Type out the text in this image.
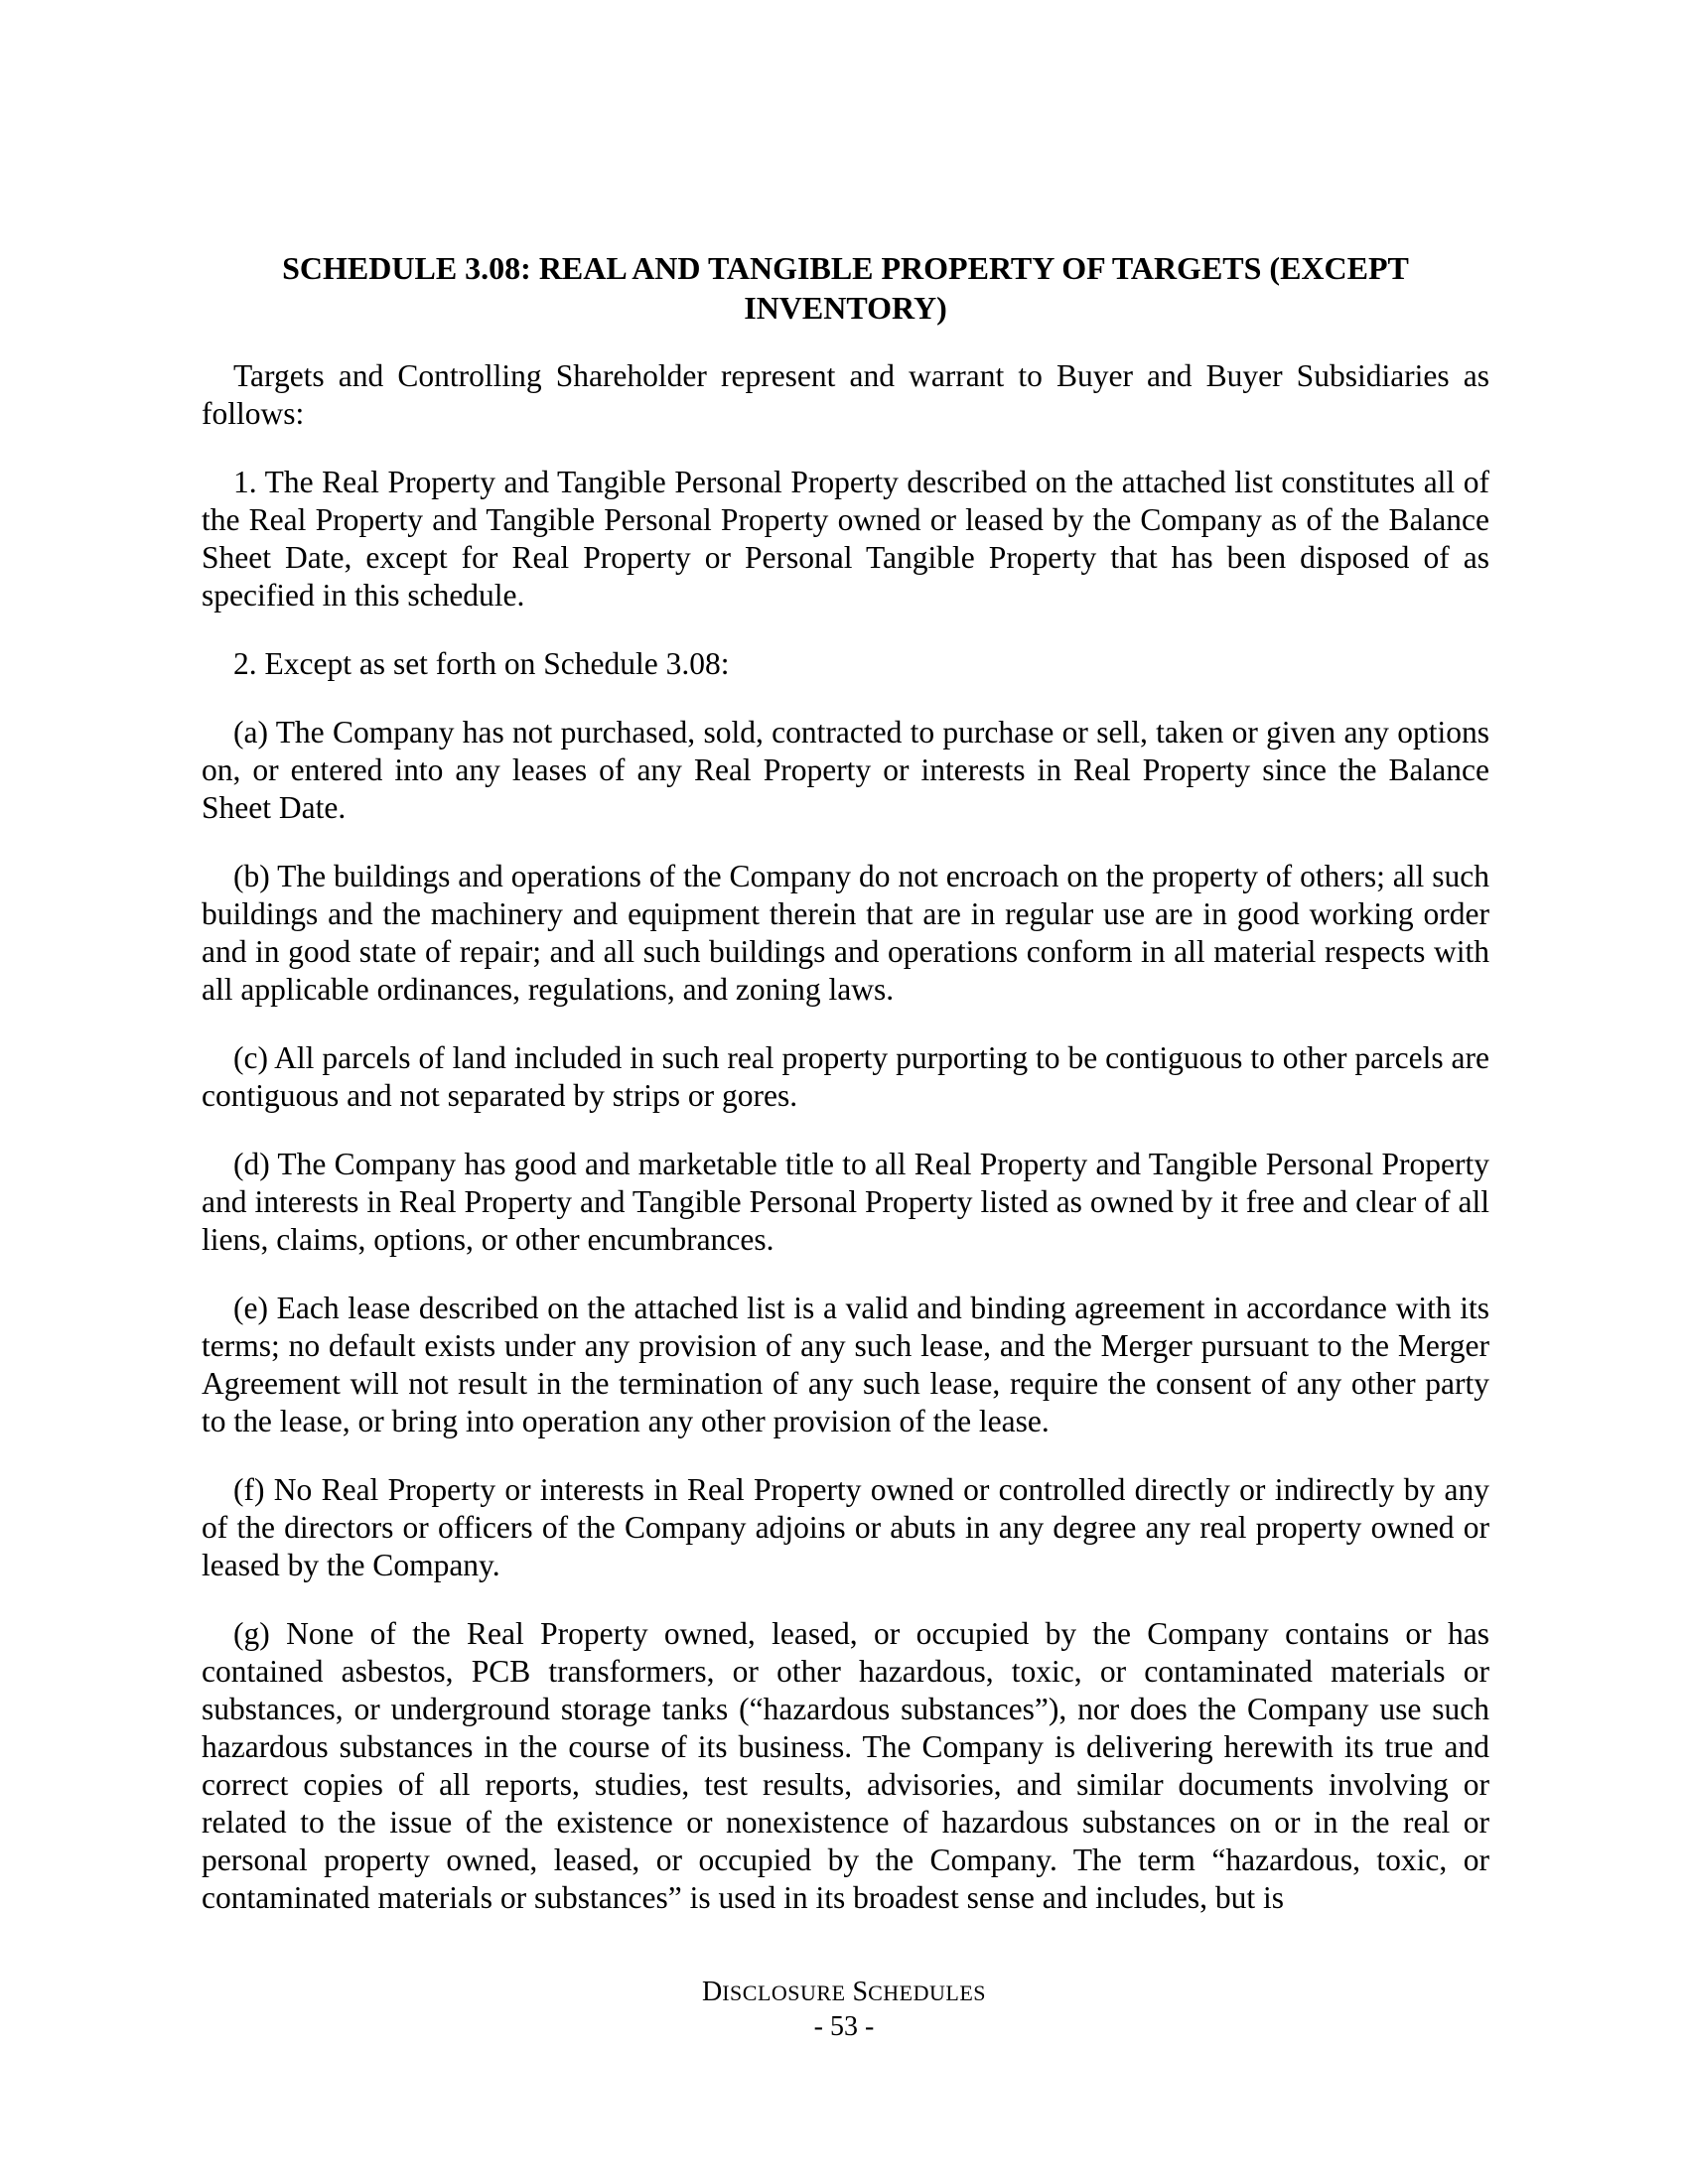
SCHEDULE 3.08: REAL AND TANGIBLE PROPERTY OF TARGETS (EXCEPT INVENTORY)

Targets and Controlling Shareholder represent and warrant to Buyer and Buyer Subsidiaries as follows:

1. The Real Property and Tangible Personal Property described on the attached list constitutes all of the Real Property and Tangible Personal Property owned or leased by the Company as of the Balance Sheet Date, except for Real Property or Personal Tangible Property that has been disposed of as specified in this schedule.

2. Except as set forth on Schedule 3.08:

(a) The Company has not purchased, sold, contracted to purchase or sell, taken or given any options on, or entered into any leases of any Real Property or interests in Real Property since the Balance Sheet Date.

(b) The buildings and operations of the Company do not encroach on the property of others; all such buildings and the machinery and equipment therein that are in regular use are in good working order and in good state of repair; and all such buildings and operations conform in all material respects with all applicable ordinances, regulations, and zoning laws.

(c) All parcels of land included in such real property purporting to be contiguous to other parcels are contiguous and not separated by strips or gores.

(d) The Company has good and marketable title to all Real Property and Tangible Personal Property and interests in Real Property and Tangible Personal Property listed as owned by it free and clear of all liens, claims, options, or other encumbrances.

(e) Each lease described on the attached list is a valid and binding agreement in accordance with its terms; no default exists under any provision of any such lease, and the Merger pursuant to the Merger Agreement will not result in the termination of any such lease, require the consent of any other party to the lease, or bring into operation any other provision of the lease.

(f) No Real Property or interests in Real Property owned or controlled directly or indirectly by any of the directors or officers of the Company adjoins or abuts in any degree any real property owned or leased by the Company.

(g) None of the Real Property owned, leased, or occupied by the Company contains or has contained asbestos, PCB transformers, or other hazardous, toxic, or contaminated materials or substances, or underground storage tanks (“hazardous substances”), nor does the Company use such hazardous substances in the course of its business. The Company is delivering herewith its true and correct copies of all reports, studies, test results, advisories, and similar documents involving or related to the issue of the existence or nonexistence of hazardous substances on or in the real or personal property owned, leased, or occupied by the Company. The term “hazardous, toxic, or contaminated materials or substances” is used in its broadest sense and includes, but is

DISCLOSURE SCHEDULES
- 53 -
